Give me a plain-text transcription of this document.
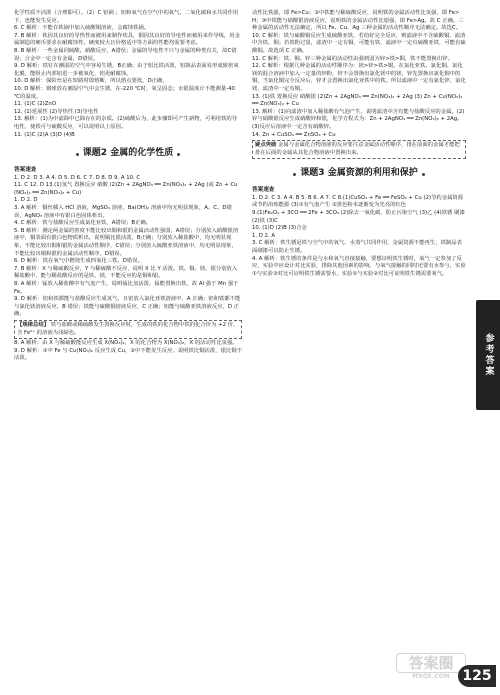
化学性质不活泼（合理即可）。（2）C 铝锅 ；铝和氧气在空气中的氧气、二氧化碳和水共同作用下，也能发生反应。

6. C 解析：不能在铁锅中加入硫酸铜溶液，会腐蚀铁锅。

7. B 解析：铁因其良好的导热性而被用来制作炊具，铜因其良好的导电性而被用来作导线，用金属制造的硬币要求在耐腐蚀性、硬度较大且价格适中等方面的性能均需要考虑。

8. B 解析：一些金属同硫酸、硝酸反应，A错误；金属的导电性不只与金属的种类有关，故C错误；合金中一定含有金属，D错误。

9. D 解析：铁钉在潮湿的空气中容易生锈，B正确；由于铝比铁活泼，铝制品表面易形成致密氧化膜，能阻止内部铝进一步被氧化，铝更耐腐蚀。

10. D 解析：保险丝是在短路时即熔断，所以熔点要低，D正确。

10. D 解析：钢球放在潮湿空气中会生锈，在-220 ℃时，氧呈固态；水银温度计不能测量-40 ℃的温度。

11. (1)C (2)ZnO

12. (1)延展性 (2)导热性 (3)导电性

13. 解析：(1)为中滤除中已除存在的杂质。(2)硫酸后为，此步骤即可产生新物，可利用铁的导电性，使铁可与硫酸反应，可以说明以上原因。

11. (1)C (2)A (3)D (4)B

课题2 金属的化学性质

答案速查

1. D 2. D 3. A 4. D 5. D 6. C 7. D 8. D 9. A 10. C

11. C 12. D 13.(1)氢气 置换反应 硝酸 (2)Zn + 2AgNO₃ ══ Zn(NO₃)₂ + 2Ag (或 Zn + Cu(NO₃)₂ ══ Zn(NO₃)₂ + Cu)

1. D 2. D

3. A 解析：铜丝插入 HCl 溶液，MgSO₄ 溶液，Ba(OH)₂ 溶液中均无明显现象，A、C、D错误，AgNO₃ 溶液中有银白色固体析出。

4. C 解析：铁与盐酸反应生成氯化亚铁，A错误；B正确。

5. B 解析：测定两金属的密度不能比较出铜和银的金属活动性强弱，A错误；分别放入硝酸银溶液中，铜表面有银白色物质析出，说明铜比银活泼，B正确；分别放入稀盐酸中，均无明显现象，不能比较出铜和银的金属活动性顺序，C错误；分别放入硫酸亚铁溶液中，均无明显现象，不能比较出铜和银的金属活动性顺序，D错误。

6. D 解析：铁在氧气中燃烧生成四氧化三铁，D错误。

7. B 解析：X 与稀硫酸反应，Y 与稀硫酸不反应，说明 X 比 Y 活泼。铁、铜、镁、银分别放入稀盐酸中，能与稀盐酸反应的是铁、镁，不能反应的是铜和银。

8. A 解析：锰放入稀盐酸中有气泡产生，说明锰比氢活泼，锰能置换出铁，故 Al 强于 Mn 强于 Fe。

9. D 解析：铝和铁都能与盐酸反应生成氢气，且铝放入氯化亚铁溶液中，A 正确；铝和铁都不能与氯化镁溶液反应，B 错误；铁能与硫酸铜溶液反应，C 正确；铝能与硫酸亚铁溶液反应，D 正确。

【规律总结】 铁与盐酸或稀硫酸发生置换反应时，生成的铁的化合物中铁的化合价为 +2 价，含 Fe²⁺ 的溶液为浅绿色。

8. A 解析：由 X 与稀硫酸能反应生成 X(NO₃)₂，X 的化合物为 X(NO₃)₂，X 的活动性比氢强。

9. D 解析：①中 Fe 与 Cu(NO₃)₂ 反应生成 Cu，②中不能发生反应，说明铁比铜活泼，银比铜不活泼。

动性比铁强，即 Fe>Cu；②中铁能与稀硫酸反应，说明铁的金属活动性比氢强，即 Fe>H；③中铁能与硝酸银溶液反应，说明铁的金属活动性比银强，即 Fe>Ag。故 C 正确。三种金属的活动性无法确定，所以 Fe、Cu、Ag 三种金属的活动性顺序无法确定。故选C。

10. C 解析：铁与硫酸铜反应生成硫酸亚铁，若给好完全反应，则滤液中不含硫酸铜，滤渣中含铁，铜；若铁粉过量，滤渣中一定有铜，可能有铁，滤液中一定有硫酸亚铁，可能有硫酸铜。故选项 C 正确。

11. C 解析：铁、铜、锌三种金属的活动性由强到弱为锌>铁>铜，铁不能置换出锌。

12. C 解析：根据几种金属的活动性顺序为：镁>锌>铁>铜，在氯化亚铁、氯化铜、氯化镁的混合溶液中加入一定量的锌粉，锌不会置换出氯化镁中的镁，锌先置换出氯化铜中的铜，当氯化铜完全反应后，锌才会置换出氯化亚铁中的铁。所以滤液中一定有氯化锌，氯化镁，滤渣中一定有铜。

13. (1)铁 置换反应 硝酸银 (2)Zn + 2AgNO₃ ══ Zn(NO₃)₂ + 2Ag (3) Zn + Cu(NO₃)₂ ══ Zn(NO₃)₂ + Cu

13. 解析：(1)向滤渣中加入稀盐酸有气泡产生，说明滤渣中含有能与盐酸反应的金属。(2)锌与硝酸银反应生成硝酸锌和银，化学方程式为：Zn + 2AgNO₃ ══ Zn(NO₃)₂ + 2Ag。(3)反应后溶液中一定含有硝酸锌。

14. Zn + CuSO₄ ══ ZnSO₄ + Cu

疑点突破 金属与金属化合物溶液的反应要注意金属活动性顺序，排在前面的金属才能把排在后面的金属从其化合物溶液中置换出来。
课题3 金属资源的利用和保护

答案速查

1. D 2. C 3. A 4. B 5. B 6. A 7. C 8.(1)CuSO₄ + Fe ══ FeSO₄ + Cu (2)节约金属资源或节约冶炼能源 (3)①有气泡产生 ②黑色粉末逐渐变为光亮的红色

9.(1)Fe₂O₃ + 3CO ══ 2Fe + 3CO₂ (2)除去一氧化碳，防止污染空气 (3)乙 (4)铁锈 刷漆

(2)铁 (3)C

10. (1)D (2)B (3)合金

1. D 2. A

3. C 解析：铁生锈是铁与空气中的氧气、水蒸气共同作用，金属资源不能再生，铁制品表面刷漆可以防止生锈。

4. A 解析：铁生锈的条件是与水和氧气直接接触，要想证明铁生锈时，氧气一定参加了反应，实验中应设计对比实验，排除其他因素的影响，与氧气接触的同时还要有水参与，实验①与实验③对比可证明铁生锈需要水，实验①与实验②对比可证明铁生锈需要氧气。

参考答案
答案圈
MXQE.COM 125
